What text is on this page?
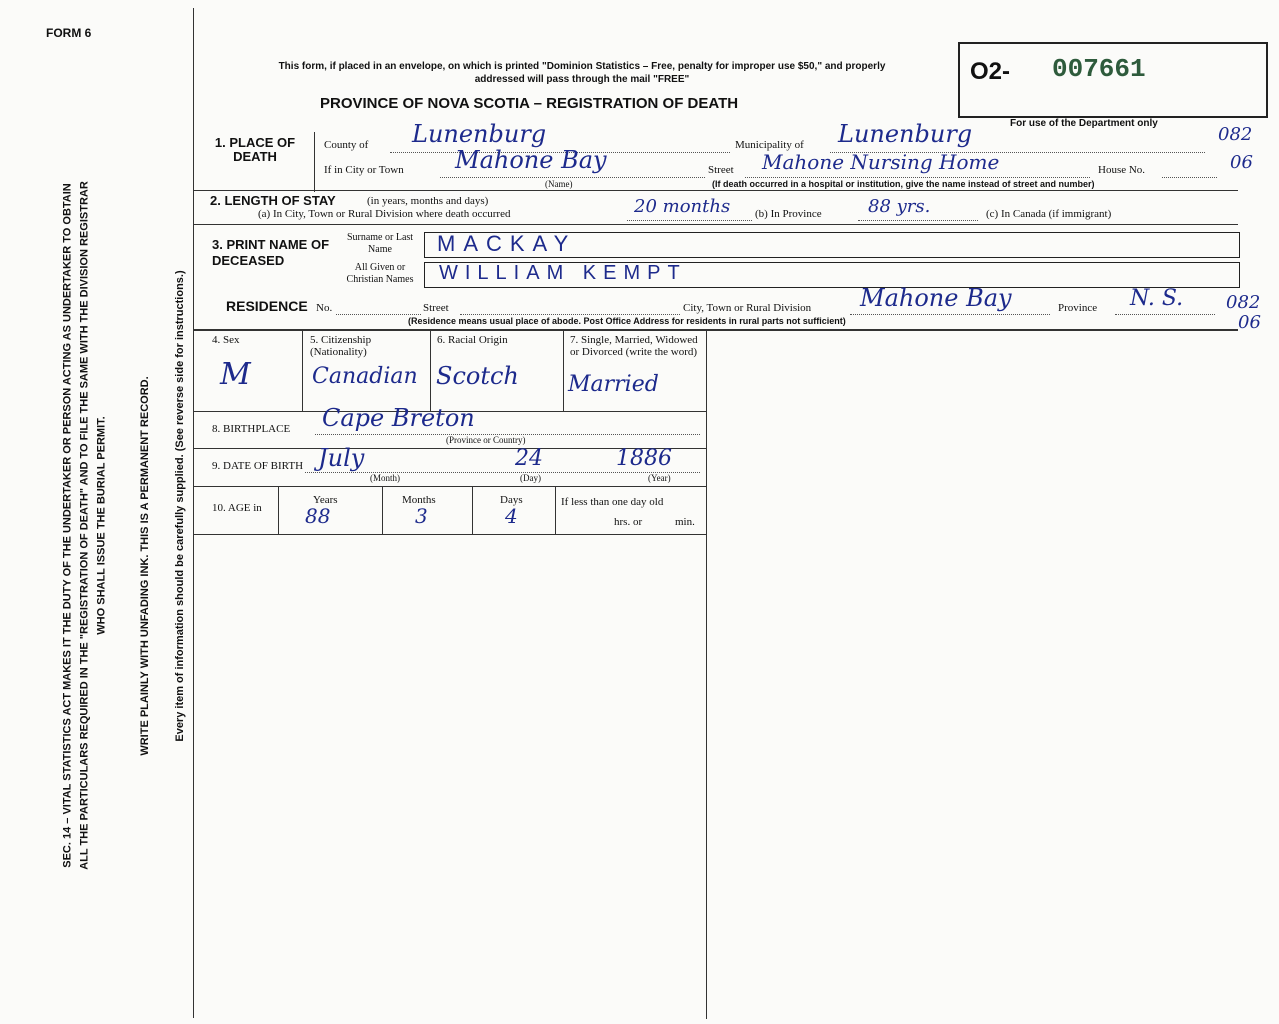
FORM 6
SEC. 14 – VITAL STATISTICS ACT MAKES IT THE DUTY OF THE UNDERTAKER OR PERSON ACTING AS UNDERTAKER TO OBTAIN ALL THE PARTICULARS REQUIRED IN THE "REGISTRATION OF DEATH" AND TO FILE THE SAME WITH THE DIVISION REGISTRAR WHO SHALL ISSUE THE BURIAL PERMIT.	WRITE PLAINLY WITH UNFADING INK. THIS IS A PERMANENT RECORD. Every item of information should be carefully supplied. (See reverse side for instructions.)
This form, if placed in an envelope, on which is printed "Dominion Statistics – Free, penalty for improper use $50," and properly addressed will pass through the mail "FREE"
PROVINCE OF NOVA SCOTIA – REGISTRATION OF DEATH
O2- 007661
For use of the Department only
082
06
082
06
1. PLACE OF DEATH
County of Lunenburg	Municipality of Lunenburg
If in City or Town Mahone Bay
(Name)
Street Mahone Nursing Home	House No.
(If death occurred in a hospital or institution, give the name instead of street and number)
2. LENGTH OF STAY	(in years, months and days)
(a) In City, Town or Rural Division where death occurred	20 months (b) In Province	88 yrs.	(c) In Canada (if immigrant)
3. PRINT NAME OF DECEASED
Surname or Last Name	MACKAY
All Given or Christian Names	WILLIAM KEMPT
RESIDENCE No.	Street	City, Town or Rural Division Mahone Bay	Province N. S.
(Residence means usual place of abode. Post Office Address for residents in rural parts not sufficient)
4. Sex
M
5. Citizenship (Nationality)
Canadian
6. Racial Origin
Scotch
7. Single, Married, Widowed or Divorced (write the word)
Married
8. BIRTHPLACE Cape Breton
(Province or Country)
9. DATE OF BIRTH July	24	1886
(Month)	(Day)	(Year)
10. AGE in
Years	Months	Days
88	3	4
If less than one day old
hrs. or	min.
